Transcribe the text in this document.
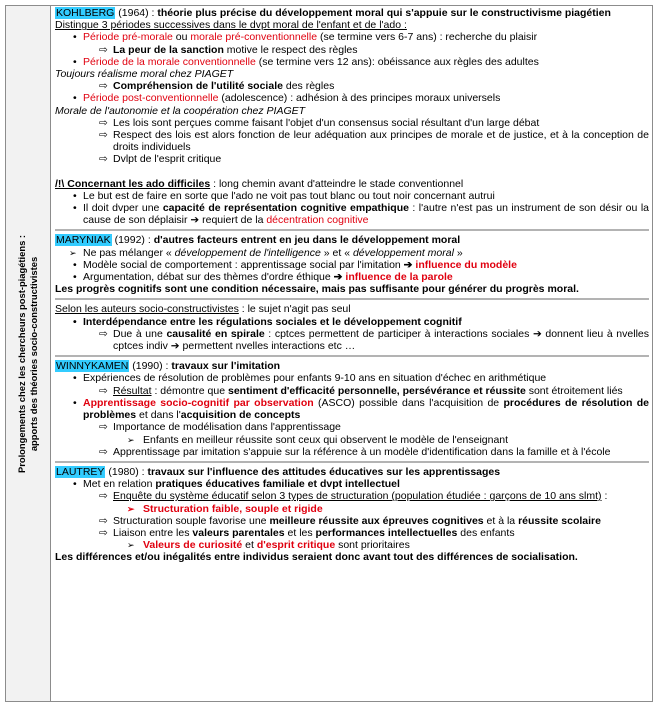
Prolongements chez les chercheurs post-piagétiens : apports des théories socio-constructivistes
KOHLBERG (1964) : théorie plus précise du développement moral qui s'appuie sur le constructivisme piagétien
Distingue 3 périodes successives dans le dvpt moral de l'enfant et de l'ado :
• Période pré-morale ou morale pré-conventionnelle (se termine vers 6-7 ans) : recherche du plaisir
⇨ La peur de la sanction motive le respect des règles
• Période de la morale conventionnelle (se termine vers 12 ans): obéissance aux règles des adultes
Toujours réalisme moral chez PIAGET
⇨ Compréhension de l'utilité sociale des règles
• Période post-conventionnelle (adolescence) : adhésion à des principes moraux universels
Morale de l'autonomie et la coopération chez PIAGET
⇨ Les lois sont perçues comme faisant l'objet d'un consensus social résultant d'un large débat
⇨ Respect des lois est alors fonction de leur adéquation aux principes de morale et de justice, et à la conception de droits individuels
⇨ Dvlpt de l'esprit critique
/!\ Concernant les ado difficiles : long chemin avant d'atteindre le stade conventionnel
• Le but est de faire en sorte que l'ado ne voit pas tout blanc ou tout noir concernant autrui
• Il doit dvper une capacité de représentation cognitive empathique : l'autre n'est pas un instrument de son désir ou la cause de son déplaisir ➔ requiert de la décentration cognitive
MARYNIAK (1992) : d'autres facteurs entrent en jeu dans le développement moral
➢ Ne pas mélanger « développement de l'intelligence » et « développement moral »
• Modèle social de comportement : apprentissage social par l'imitation ➔ influence du modèle
• Argumentation, débat sur des thèmes d'ordre éthique ➔ influence de la parole
Les progrès cognitifs sont une condition nécessaire, mais pas suffisante pour générer du progrès moral.
Selon les auteurs socio-constructivistes : le sujet n'agit pas seul
• Interdépendance entre les régulations sociales et le développement cognitif
⇨ Due à une causalité en spirale : cptces permettent de participer à interactions sociales ➔ donnent lieu à nvelles cptces indiv ➔ permettent nvelles interactions etc …
WINNYKAMEN (1990) : travaux sur l'imitation
• Expériences de résolution de problèmes pour enfants 9-10 ans en situation d'échec en arithmétique
⇨ Résultat : démontre que sentiment d'efficacité personnelle, persévérance et réussite sont étroitement liés
• Apprentissage socio-cognitif par observation (ASCO) possible dans l'acquisition de procédures de résolution de problèmes et dans l'acquisition de concepts
⇨ Importance de modélisation dans l'apprentissage
➢ Enfants en meilleur réussite sont ceux qui observent le modèle de l'enseignant
⇨ Apprentissage par imitation s'appuie sur la référence à un modèle d'identification dans la famille et à l'école
LAUTREY (1980) : travaux sur l'influence des attitudes éducatives sur les apprentissages
• Met en relation pratiques éducatives familiale et dvpt intellectuel
⇨ Enquête du système éducatif selon 3 types de structuration (population étudiée : garçons de 10 ans slmt) :
➢ Structuration faible, souple et rigide
⇨ Structuration souple favorise une meilleure réussite aux épreuves cognitives et à la réussite scolaire
⇨ Liaison entre les valeurs parentales et les performances intellectuelles des enfants
➢ Valeurs de curiosité et d'esprit critique sont prioritaires
Les différences et/ou inégalités entre individus seraient donc avant tout des différences de socialisation.
